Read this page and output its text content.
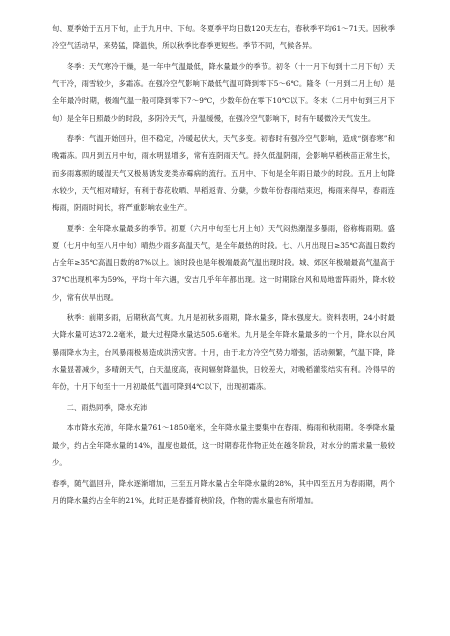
旬、夏季始于五月下旬，止于九月中、下旬。冬夏季平均日数120天左右，春秋季平均61～71天。因秋季冷空气活动早，来势猛，降温快，所以秋季比春季更短些。季节不同，气候各异。

冬季：天气寒冷干燥，是一年中气温最低，降水量最少的季节。初冬（十一月下旬到十二月下旬）天气干冷，雨雪较少，多霜冻。在强冷空气影响下最低气温可降到零下5～6℃。隆冬（一月到二月上旬）是全年最冷时期，极端气温一般可降到零下7～9℃，少数年份在零下10℃以下。冬末（二月中旬到三月下旬）是全年日照最少的时段，多阴冷天气，升温缓慢，在强冷空气影响下，时有午暖微冷天气发生。

春季：气温开始回升，但不稳定，冷暖起伏大，天气多变。初春时有强冷空气影响，造成“倒春寒”和晚霜冻。四月到五月中旬，雨水明显增多，常有连阴雨天气。持久低温阴雨，会影响早稻秧苗正常生长，而多雨寡照的暖湿天气又极易诱发麦类赤霉病的流行。五月中、下旬是全年雨日最少的时段。五月上旬降水较少，天气相对晴好，有利于春花收晒、旱稻返青、分蘖，少数年份春雨结束迟，梅雨来得早，春雨连梅雨，阴雨时间长，将严重影响农业生产。

夏季：全年降水量最多的季节。初夏（六月中旬至七月上旬）天气闷热潮湿多暴雨，俗称梅雨期。盛夏（七月中旬至八月中旬）晴热少雨多高温天气，是全年最热的时段。七、八月出现日≥35℃高温日数约占全年≥35℃高温日数的87%以上。该时段也是年极端最高气温出现时段。城、郊区年极端最高气温高于37℃出现机率为59%，平均十年六遇，安吉几乎年年都出现。这一时期除台风和局地雷阵雨外，降水较少，常有伏旱出现。

秋季：前期多雨，后期秋高气爽。九月是初秋多雨期，降水量多，降水强度大。资料表明，24小时最大降水量可达372.2毫米，最大过程降水量达505.6毫米。九月是全年降水量最多的一个月，降水以台风暴雨降水为主，台风暴雨极易造成洪涝灾害。十月，由于北方冷空气势力增强，活动频繁，气温下降，降水量显著减少，多晴朗天气，白天温度高，夜间辐射降温快，日较差大，对晚稻灌浆结实有利。冷得早的年份，十月下旬至十一月初最低气温可降到4℃以下，出现初霜冻。

二、雨热同季，降水充沛

本市降水充沛，年降水量761～1850毫米，全年降水量主要集中在春雨、梅雨和秋雨期。冬季降水量最少，约占全年降水量的14%，温度也最低，这一时期春花作物正处在越冬阶段，对水分的需求量一般较少。

春季，随气温回升，降水逐渐增加，三至五月降水量占全年降水量的28%，其中四至五月为春雨期，两个月的降水量约占全年的21%，此时正是春播育秧阶段，作物的需水量也有所增加。
